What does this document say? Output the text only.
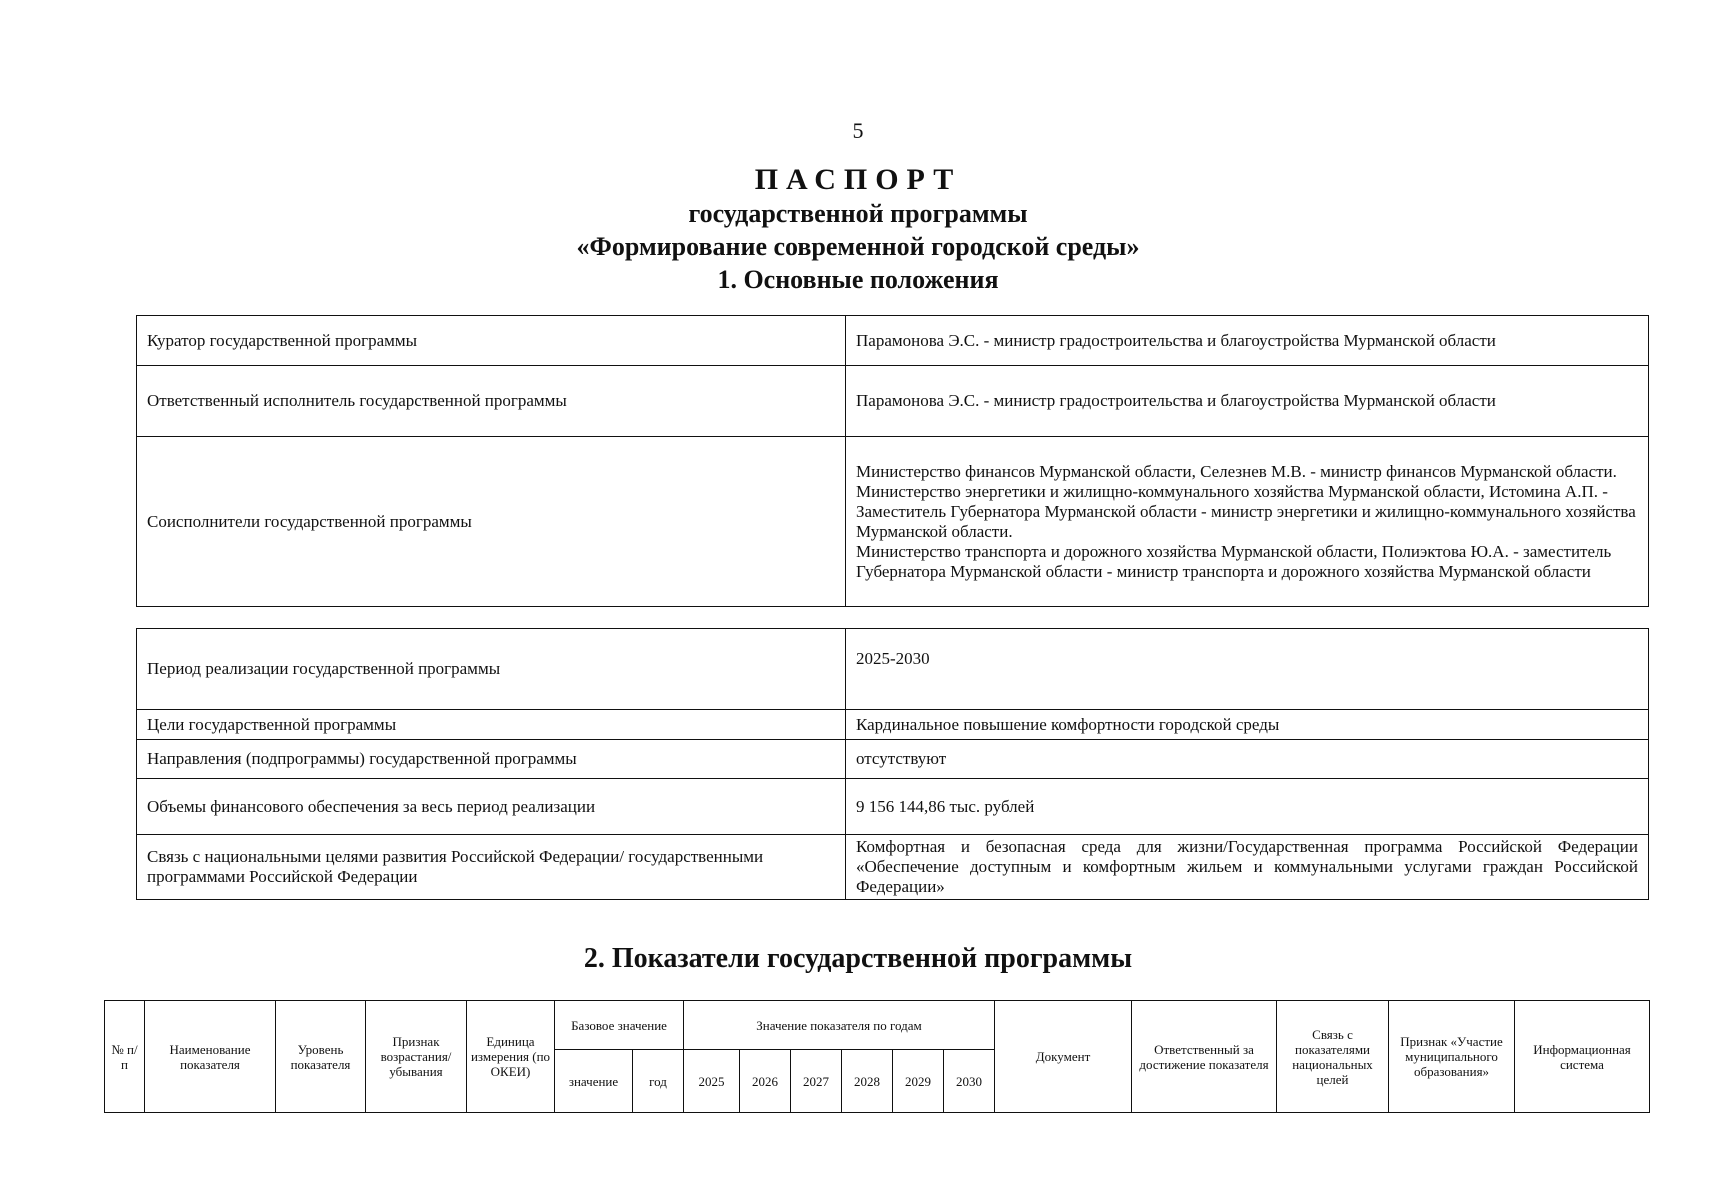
5
ПАСПОРТ
государственной программы
«Формирование современной городской среды»
1. Основные положения
Куратор государственной программы	Парамонова Э.С. - министр градостроительства и благоустройства Мурманской области
Ответственный исполнитель государственной программы	Парамонова Э.С. - министр градостроительства и благоустройства Мурманской области
Соисполнители государственной программы	Министерство финансов Мурманской области, Селезнев М.В. - министр финансов Мурманской области.

Министерство энергетики и жилищно-коммунального хозяйства Мурманской области, Истомина А.П. - Заместитель Губернатора Мурманской области - министр энергетики и жилищно-коммунального хозяйства Мурманской области.

Министерство транспорта и дорожного хозяйства Мурманской области, Полиэктова Ю.А. - заместитель Губернатора Мурманской области - министр транспорта и дорожного хозяйства Мурманской области

Период реализации государственной программы	2025-2030
Цели государственной программы	Кардинальное повышение комфортности городской среды
Направления (подпрограммы) государственной программы	отсутствуют
Объемы финансового обеспечения за весь период реализации	9 156 144,86 тыс. рублей
Связь с национальными целями развития Российской Федерации/ государственными программами Российской Федерации	Комфортная и безопасная среда для жизни/Государственная программа Российской Федерации «Обеспечение доступным и комфортным жильем и коммунальными услугами граждан Российской Федерации»
2. Показатели государственной программы
№ п/п	Наименование показателя	Уровень показателя	Признак возрастания/ убывания	Единица измерения (по ОКЕИ)	Базовое значение		Значение показателя по годам						Документ	Ответственный за достижение показателя	Связь с показателями национальных целей	Признак «Участие муниципального образования»	Информационная система
					значение	год	2025	2026	2027	2028	2029	2030					
